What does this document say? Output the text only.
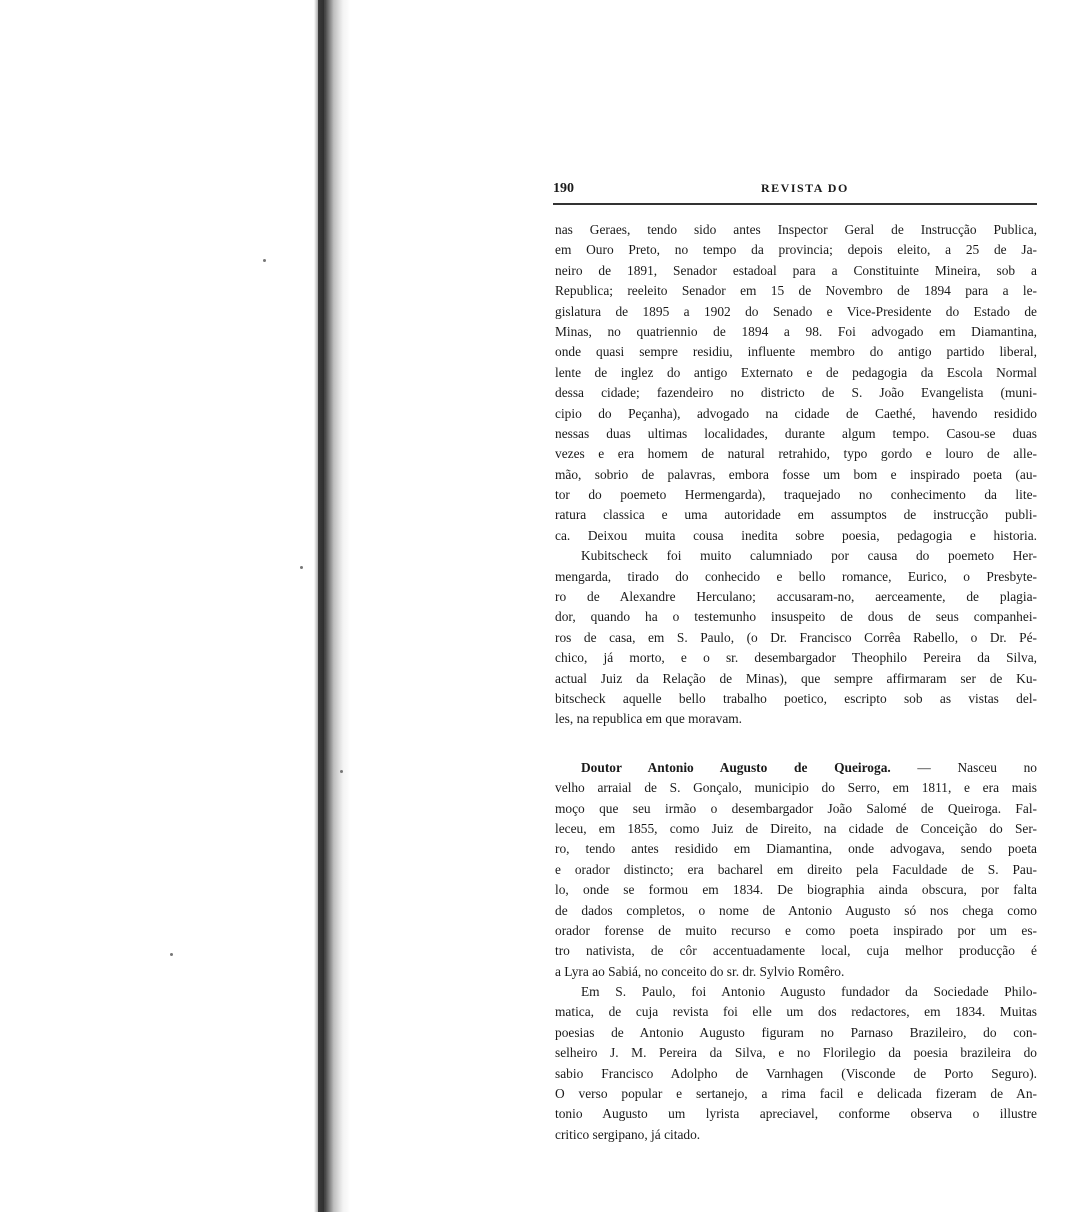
190	REVISTA DO
nas Geraes, tendo sido antes Inspector Geral de Instrucção Publica,
em Ouro Preto, no tempo da provincia; depois eleito, a 25 de Ja-
neiro de 1891, Senador estadoal para a Constituinte Mineira, sob a
Republica; reeleito Senador em 15 de Novembro de 1894 para a le-
gislatura de 1895 a 1902 do Senado e Vice-Presidente do Estado de
Minas, no quatriennio de 1894 a 98. Foi advogado em Diamantina,
onde quasi sempre residiu, influente membro do antigo partido liberal,
lente de inglez do antigo Externato e de pedagogia da Escola Normal
dessa cidade; fazendeiro no districto de S. João Evangelista (muni-
cipio do Peçanha), advogado na cidade de Caethé, havendo residido
nessas duas ultimas localidades, durante algum tempo. Casou-se duas
vezes e era homem de natural retrahido, typo gordo e louro de alle-
mão, sobrio de palavras, embora fosse um bom e inspirado poeta (au-
tor do poemeto Hermengarda), traquejado no conhecimento da lite-
ratura classica e uma autoridade em assumptos de instrucção publi-
ca. Deixou muita cousa inedita sobre poesia, pedagogia e historia.
Kubitscheck foi muito calumniado por causa do poemeto Her-
mengarda, tirado do conhecido e bello romance, Eurico, o Presbyte-
ro de Alexandre Herculano; accusaram-no, aerceamente, de plagia-
dor, quando ha o testemunho insuspeito de dous de seus companhei-
ros de casa, em S. Paulo, (o Dr. Francisco Corrêa Rabello, o Dr. Pé-
chico, já morto, e o sr. desembargador Theophilo Pereira da Silva,
actual Juiz da Relação de Minas), que sempre affirmaram ser de Ku-
bitscheck aquelle bello trabalho poetico, escripto sob as vistas del-
les, na republica em que moravam.
Doutor Antonio Augusto de Queiroga. — Nasceu no
velho arraial de S. Gonçalo, municipio do Serro, em 1811, e era mais
moço que seu irmão o desembargador João Salomé de Queiroga. Fal-
leceu, em 1855, como Juiz de Direito, na cidade de Conceição do Ser-
ro, tendo antes residido em Diamantina, onde advogava, sendo poeta
e orador distincto; era bacharel em direito pela Faculdade de S. Pau-
lo, onde se formou em 1834. De biographia ainda obscura, por falta
de dados completos, o nome de Antonio Augusto só nos chega como
orador forense de muito recurso e como poeta inspirado por um es-
tro nativista, de côr accentuadamente local, cuja melhor producção é
a Lyra ao Sabiá, no conceito do sr. dr. Sylvio Romêro.
Em S. Paulo, foi Antonio Augusto fundador da Sociedade Philo-
matica, de cuja revista foi elle um dos redactores, em 1834. Muitas
poesias de Antonio Augusto figuram no Parnaso Brazileiro, do con-
selheiro J. M. Pereira da Silva, e no Florilegio da poesia brazileira do
sabio Francisco Adolpho de Varnhagen (Visconde de Porto Seguro).
O verso popular e sertanejo, a rima facil e delicada fizeram de An-
tonio Augusto um lyrista apreciavel, conforme observa o illustre
critico sergipano, já citado.
